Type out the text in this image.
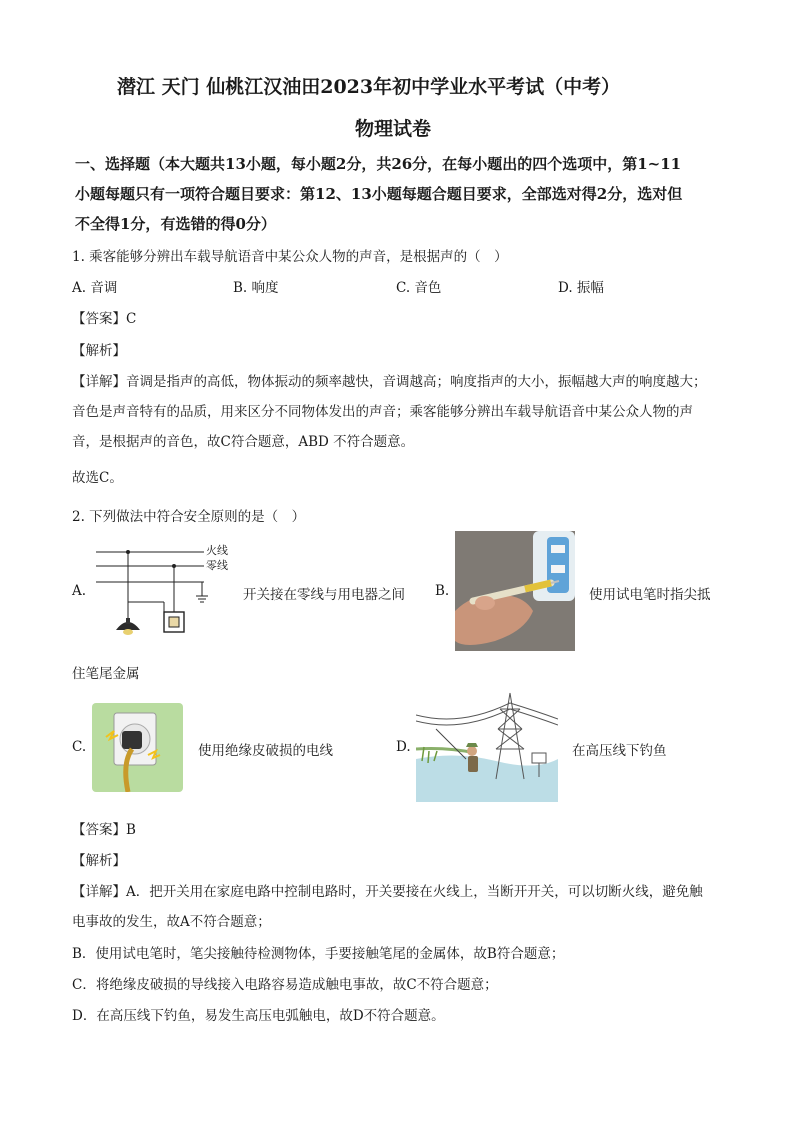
潜江 天门 仙桃江汉油田2023年初中学业水平考试（中考）
物理试卷
一、选择题（本大题共13小题，每小题2分，共26分，在每小题出的四个选项中，第1~11
小题每题只有一项符合题目要求：第12、13小题每题合题目要求，全部选对得2分，选对但
不全得1分，有选错的得0分）
1. 乘客能够分辨出车载导航语音中某公众人物的声音，是根据声的（　）
A. 音调	B. 响度	C. 音色	D. 振幅
【答案】C
【解析】
【详解】音调是指声的高低，物体振动的频率越快，音调越高；响度指声的大小，振幅越大声的响度越大；
音色是声音特有的品质，用来区分不同物体发出的声音；乘客能够分辨出车载导航语音中某公众人物的声
音，是根据声的音色，故C符合题意，ABD 不符合题意。
故选C。
2. 下列做法中符合安全原则的是（　）
A.
火线
零线
开关接在零线与用电器之间 B.	使用试电笔时指尖抵
住笔尾金属
C.	使用绝缘皮破损的电线	D.	在高压线下钓鱼
【答案】B
【解析】
【详解】A．把开关用在家庭电路中控制电路时，开关要接在火线上，当断开开关，可以切断火线，避免触
电事故的发生，故A不符合题意；
B．使用试电笔时，笔尖接触待检测物体，手要接触笔尾的金属体，故B符合题意；
C．将绝缘皮破损的导线接入电路容易造成触电事故，故C不符合题意；
D．在高压线下钓鱼，易发生高压电弧触电，故D不符合题意。
